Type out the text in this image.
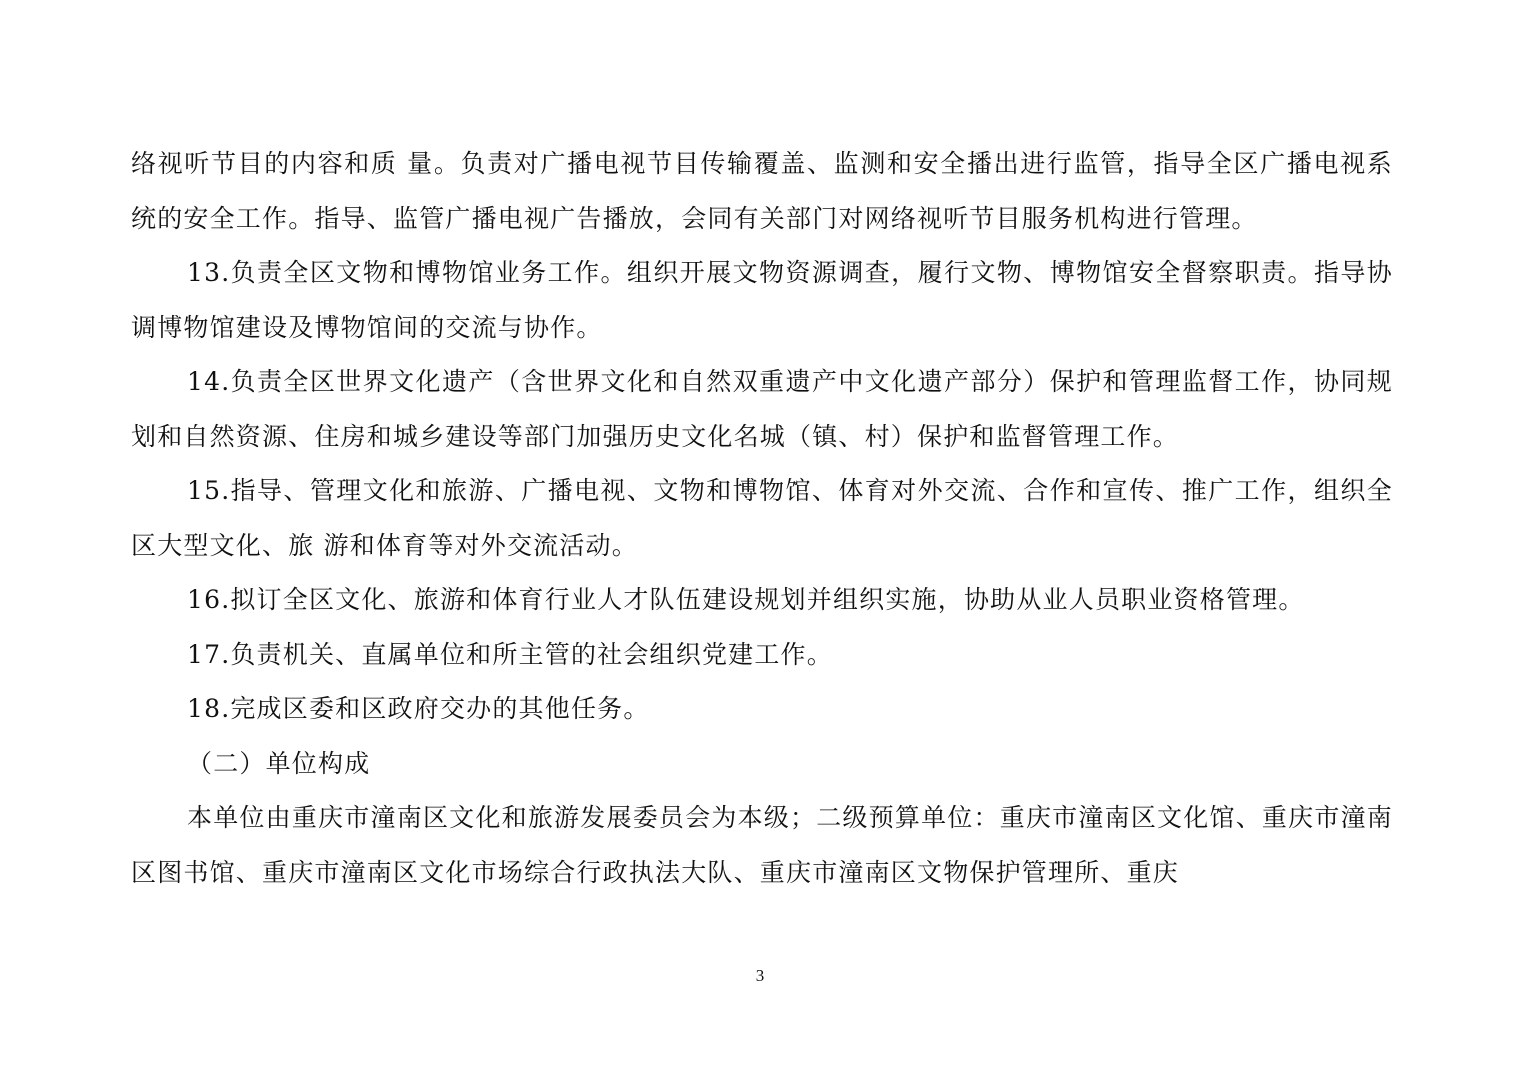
络视听节目的内容和质 量。负责对广播电视节目传输覆盖、监测和安全播出进行监管，指导全区广播电视系统的安全工作。指导、监管广播电视广告播放，会同有关部门对网络视听节目服务机构进行管理。

13.负责全区文物和博物馆业务工作。组织开展文物资源调查，履行文物、博物馆安全督察职责。指导协调博物馆建设及博物馆间的交流与协作。

14.负责全区世界文化遗产（含世界文化和自然双重遗产中文化遗产部分）保护和管理监督工作，协同规划和自然资源、住房和城乡建设等部门加强历史文化名城（镇、村）保护和监督管理工作。

15.指导、管理文化和旅游、广播电视、文物和博物馆、体育对外交流、合作和宣传、推广工作，组织全区大型文化、旅 游和体育等对外交流活动。

16.拟订全区文化、旅游和体育行业人才队伍建设规划并组织实施，协助从业人员职业资格管理。

17.负责机关、直属单位和所主管的社会组织党建工作。

18.完成区委和区政府交办的其他任务。

（二）单位构成

本单位由重庆市潼南区文化和旅游发展委员会为本级；二级预算单位：重庆市潼南区文化馆、重庆市潼南区图书馆、重庆市潼南区文化市场综合行政执法大队、重庆市潼南区文物保护管理所、重庆

3
